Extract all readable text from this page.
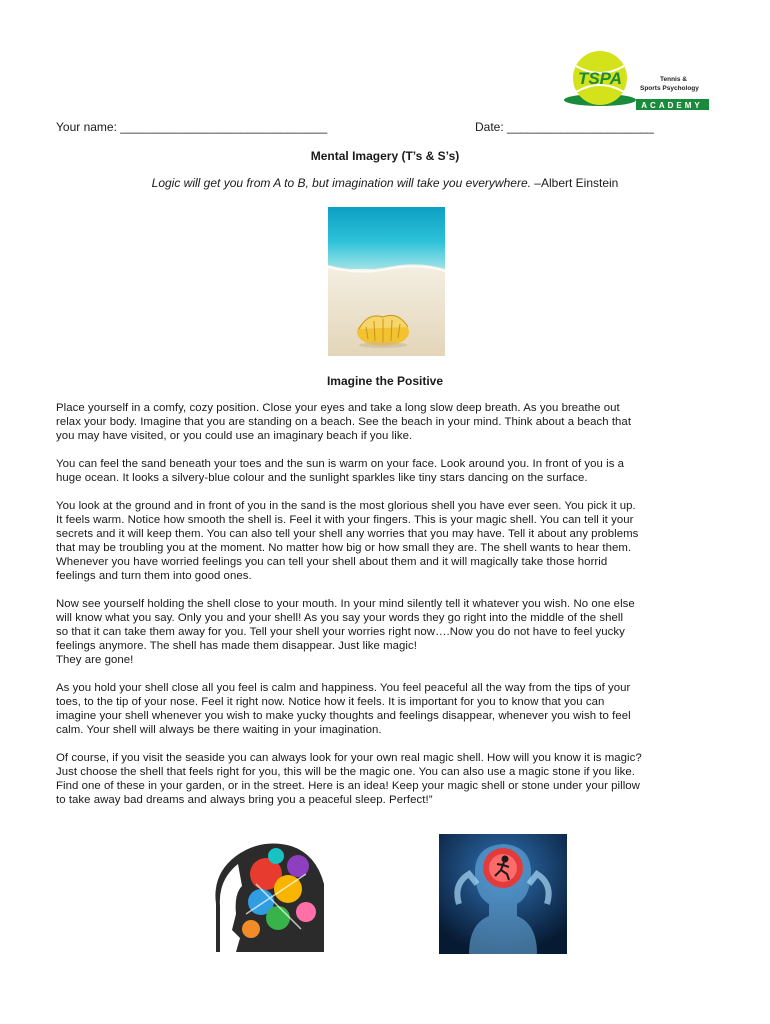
TSPA	Tennis &
Sports Psychology
ACADEMY
Your name: _______________________________	Date: ______________________
Mental Imagery (T’s & S’s)
Logic will get you from A to B, but imagination will take you everywhere. –Albert Einstein
Imagine the Positive

Place yourself in a comfy, cozy position. Close your eyes and take a long slow deep breath. As you breathe out
relax your body. Imagine that you are standing on a beach. See the beach in your mind. Think about a beach that
you may have visited, or you could use an imaginary beach if you like.

You can feel the sand beneath your toes and the sun is warm on your face. Look around you. In front of you is a
huge ocean. It looks a silvery-blue colour and the sunlight sparkles like tiny stars dancing on the surface.

You look at the ground and in front of you in the sand is the most glorious shell you have ever seen. You pick it up.
It feels warm. Notice how smooth the shell is. Feel it with your fingers. This is your magic shell. You can tell it your
secrets and it will keep them. You can also tell your shell any worries that you may have. Tell it about any problems
that may be troubling you at the moment. No matter how big or how small they are. The shell wants to hear them.
Whenever you have worried feelings you can tell your shell about them and it will magically take those horrid
feelings and turn them into good ones.

Now see yourself holding the shell close to your mouth. In your mind silently tell it whatever you wish. No one else
will know what you say. Only you and your shell! As you say your words they go right into the middle of the shell
so that it can take them away for you. Tell your shell your worries right now….Now you do not have to feel yucky
feelings anymore. The shell has made them disappear. Just like magic!
They are gone!

As you hold your shell close all you feel is calm and happiness. You feel peaceful all the way from the tips of your
toes, to the tip of your nose. Feel it right now. Notice how it feels. It is important for you to know that you can
imagine your shell whenever you wish to make yucky thoughts and feelings disappear, whenever you wish to feel
calm. Your shell will always be there waiting in your imagination.

Of course, if you visit the seaside you can always look for your own real magic shell. How will you know it is magic?
Just choose the shell that feels right for you, this will be the magic one. You can also use a magic stone if you like.
Find one of these in your garden, or in the street. Here is an idea! Keep your magic shell or stone under your pillow
to take away bad dreams and always bring you a peaceful sleep. Perfect!”
